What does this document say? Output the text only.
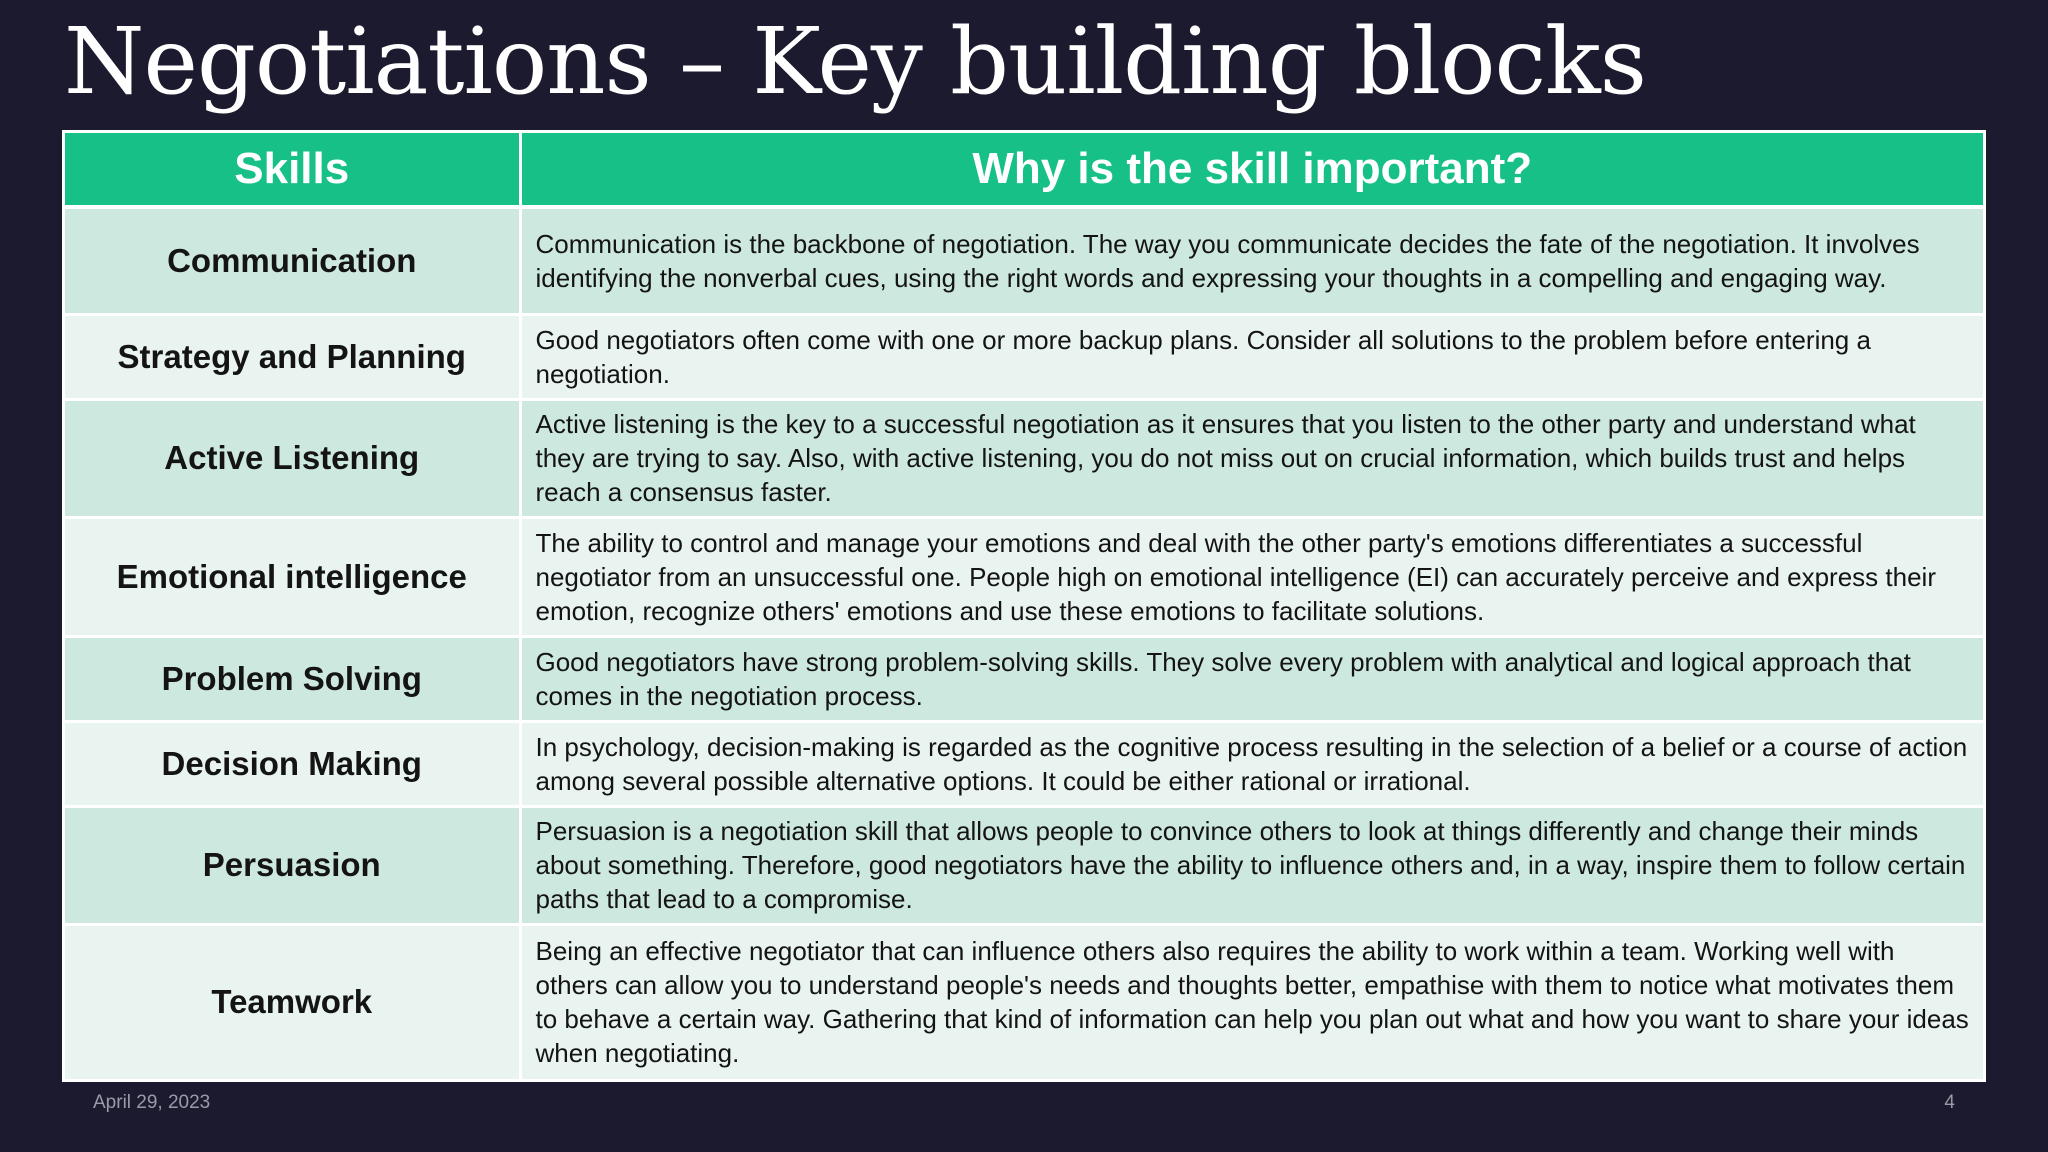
Negotiations – Key building blocks
Skills	Why is the skill important?
Communication	Communication is the backbone of negotiation. The way you communicate decides the fate of the negotiation. It involves identifying the nonverbal cues, using the right words and expressing your thoughts in a compelling and engaging way.
Strategy and Planning	Good negotiators often come with one or more backup plans. Consider all solutions to the problem before entering a negotiation.
Active Listening	Active listening is the key to a successful negotiation as it ensures that you listen to the other party and understand what they are trying to say. Also, with active listening, you do not miss out on crucial information, which builds trust and helps reach a consensus faster.
Emotional intelligence	The ability to control and manage your emotions and deal with the other party's emotions differentiates a successful negotiator from an unsuccessful one. People high on emotional intelligence (EI) can accurately perceive and express their emotion, recognize others' emotions and use these emotions to facilitate solutions.
Problem Solving	Good negotiators have strong problem-solving skills. They solve every problem with analytical and logical approach that comes in the negotiation process.
Decision Making	In psychology, decision-making is regarded as the cognitive process resulting in the selection of a belief or a course of action among several possible alternative options. It could be either rational or irrational.
Persuasion	Persuasion is a negotiation skill that allows people to convince others to look at things differently and change their minds about something. Therefore, good negotiators have the ability to influence others and, in a way, inspire them to follow certain paths that lead to a compromise.
Teamwork	Being an effective negotiator that can influence others also requires the ability to work within a team. Working well with others can allow you to understand people's needs and thoughts better, empathise with them to notice what motivates them to behave a certain way. Gathering that kind of information can help you plan out what and how you want to share your ideas when negotiating.
April 29, 2023	4
